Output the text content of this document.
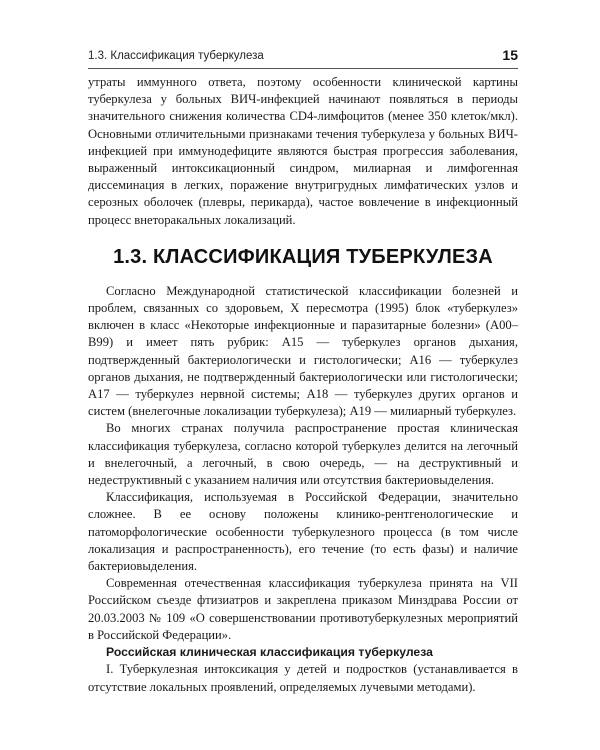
1.3. Классификация туберкулеза	15

утраты иммунного ответа, поэтому особенности клинической картины туберкулеза у больных ВИЧ-инфекцией начинают появляться в периоды значительного снижения количества CD4-лимфоцитов (менее 350 клеток/мкл). Основными отличительными признаками течения туберкулеза у больных ВИЧ-инфекцией при иммунодефиците являются быстрая прогрессия заболевания, выраженный интоксикационный синдром, милиарная и лимфогенная диссеминация в легких, поражение внутригрудных лимфатических узлов и серозных оболочек (плевры, перикарда), частое вовлечение в инфекционный процесс внеторакальных локализаций.

1.3. КЛАССИФИКАЦИЯ ТУБЕРКУЛЕЗА

Согласно Международной статистической классификации болезней и проблем, связанных со здоровьем, X пересмотра (1995) блок «туберкулез» включен в класс «Некоторые инфекционные и паразитарные болезни» (A00–B99) и имеет пять рубрик: A15 — туберкулез органов дыхания, подтвержденный бактериологически и гистологически; A16 — туберкулез органов дыхания, не подтвержденный бактериологически или гистологически; A17 — туберкулез нервной системы; A18 — туберкулез других органов и систем (внелегочные локализации туберкулеза); A19 — милиарный туберкулез.

Во многих странах получила распространение простая клиническая классификация туберкулеза, согласно которой туберкулез делится на легочный и внелегочный, а легочный, в свою очередь, — на деструктивный и недеструктивный с указанием наличия или отсутствия бактериовыделения.

Классификация, используемая в Российской Федерации, значительно сложнее. В ее основу положены клинико-рентгенологические и патоморфологические особенности туберкулезного процесса (в том числе локализация и распространенность), его течение (то есть фазы) и наличие бактериовыделения.

Современная отечественная классификация туберкулеза принята на VII Российском съезде фтизиатров и закреплена приказом Минздрава России от 20.03.2003 № 109 «О совершенствовании противотуберкулезных мероприятий в Российской Федерации».

Российская клиническая классификация туберкулеза

I. Туберкулезная интоксикация у детей и подростков (устанавливается в отсутствие локальных проявлений, определяемых лучевыми методами).
